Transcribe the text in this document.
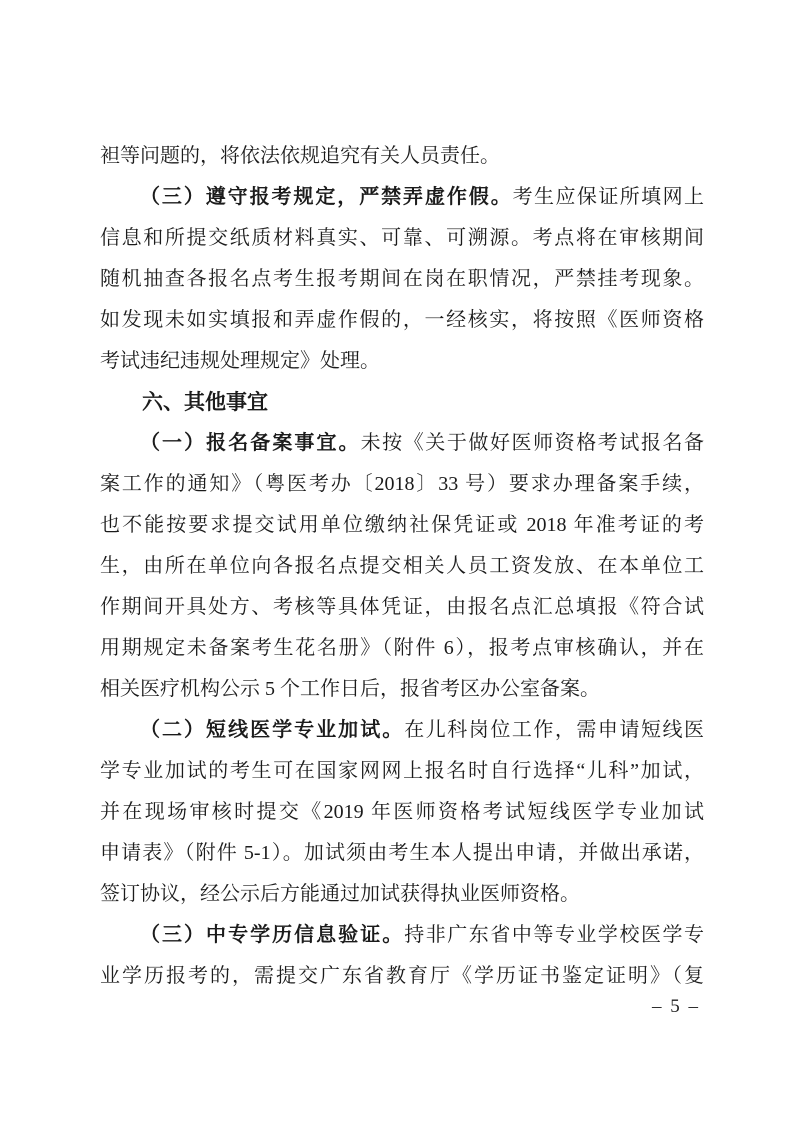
袒等问题的，将依法依规追究有关人员责任。

（三）遵守报考规定，严禁弄虚作假。考生应保证所填网上

信息和所提交纸质材料真实、可靠、可溯源。考点将在审核期间

随机抽查各报名点考生报考期间在岗在职情况，严禁挂考现象。

如发现未如实填报和弄虚作假的，一经核实，将按照《医师资格

考试违纪违规处理规定》处理。

六、其他事宜

（一）报名备案事宜。未按《关于做好医师资格考试报名备

案工作的通知》（粤医考办〔2018〕33 号）要求办理备案手续，

也不能按要求提交试用单位缴纳社保凭证或 2018 年准考证的考

生，由所在单位向各报名点提交相关人员工资发放、在本单位工

作期间开具处方、考核等具体凭证，由报名点汇总填报《符合试

用期规定未备案考生花名册》（附件 6），报考点审核确认，并在

相关医疗机构公示 5 个工作日后，报省考区办公室备案。

（二）短线医学专业加试。在儿科岗位工作，需申请短线医

学专业加试的考生可在国家网网上报名时自行选择“儿科”加试，

并在现场审核时提交《2019 年医师资格考试短线医学专业加试

申请表》（附件 5-1）。加试须由考生本人提出申请，并做出承诺，

签订协议，经公示后方能通过加试获得执业医师资格。

（三）中专学历信息验证。持非广东省中等专业学校医学专

业学历报考的，需提交广东省教育厅《学历证书鉴定证明》（复

– 5 –
